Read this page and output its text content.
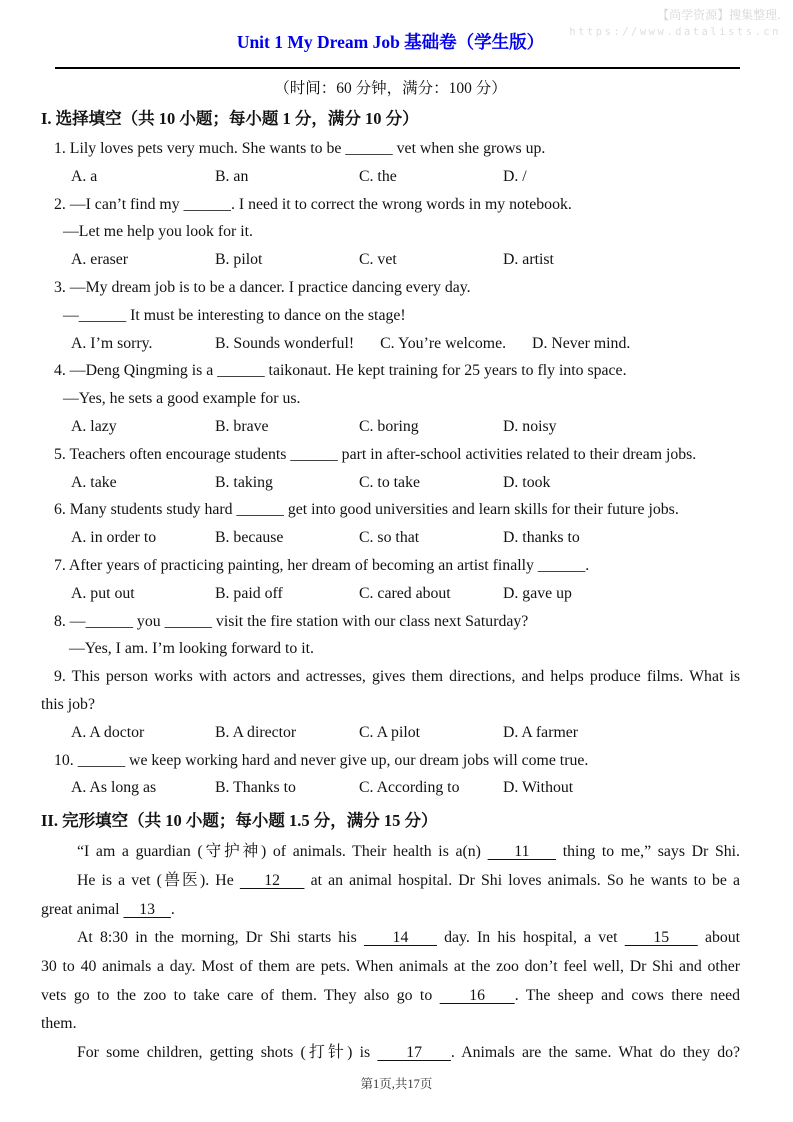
【尚学资源】搜集整理.
https://www.datalists.cn
Unit 1 My Dream Job 基础卷（学生版）
（时间：60 分钟，满分：100 分）
I. 选择填空（共 10 小题；每小题 1 分，满分 10 分）
1. Lily loves pets very much. She wants to be ______ vet when she grows up.
A. a	B. an	C. the	D. /
2. —I can’t find my ______. I need it to correct the wrong words in my notebook.
—Let me help you look for it.
A. eraser	B. pilot	C. vet	D. artist
3. —My dream job is to be a dancer. I practice dancing every day.
—______ It must be interesting to dance on the stage!
A. I’m sorry.	B. Sounds wonderful!	C. You’re welcome.	D. Never mind.
4. —Deng Qingming is a ______ taikonaut. He kept training for 25 years to fly into space.
—Yes, he sets a good example for us.
A. lazy	B. brave	C. boring	D. noisy
5. Teachers often encourage students ______ part in after-school activities related to their dream jobs.
A. take	B. taking	C. to take	D. took
6. Many students study hard ______ get into good universities and learn skills for their future jobs.
A. in order to	B. because	C. so that	D. thanks to
7. After years of practicing painting, her dream of becoming an artist finally ______.
A. put out	B. paid off	C. cared about	D. gave up
8. —______ you ______ visit the fire station with our class next Saturday?
—Yes, I am. I’m looking forward to it.
9. This person works with actors and actresses, gives them directions, and helps produce films. What is
this job?
A. A doctor	B. A director	C. A pilot	D. A farmer
10. ______ we keep working hard and never give up, our dream jobs will come true.
A. As long as	B. Thanks to	C. According to	D. Without
II. 完形填空（共 10 小题；每小题 1.5 分，满分 15 分）
“I am a guardian (守护神) of animals. Their health is a(n)     11     thing to me,” says Dr Shi.
He is a vet (兽医). He     12     at an animal hospital. Dr Shi loves animals. So he wants to be a
great animal     13    .
At 8:30 in the morning, Dr Shi starts his     14     day. In his hospital, a vet     15     about
30 to 40 animals a day. Most of them are pets. When animals at the zoo don’t feel well, Dr Shi and other
vets go to the zoo to take care of them. They also go to     16    . The sheep and cows there need
them.
For some children, getting shots (打针) is     17    . Animals are the same. What do they do?
第1页,共17页
